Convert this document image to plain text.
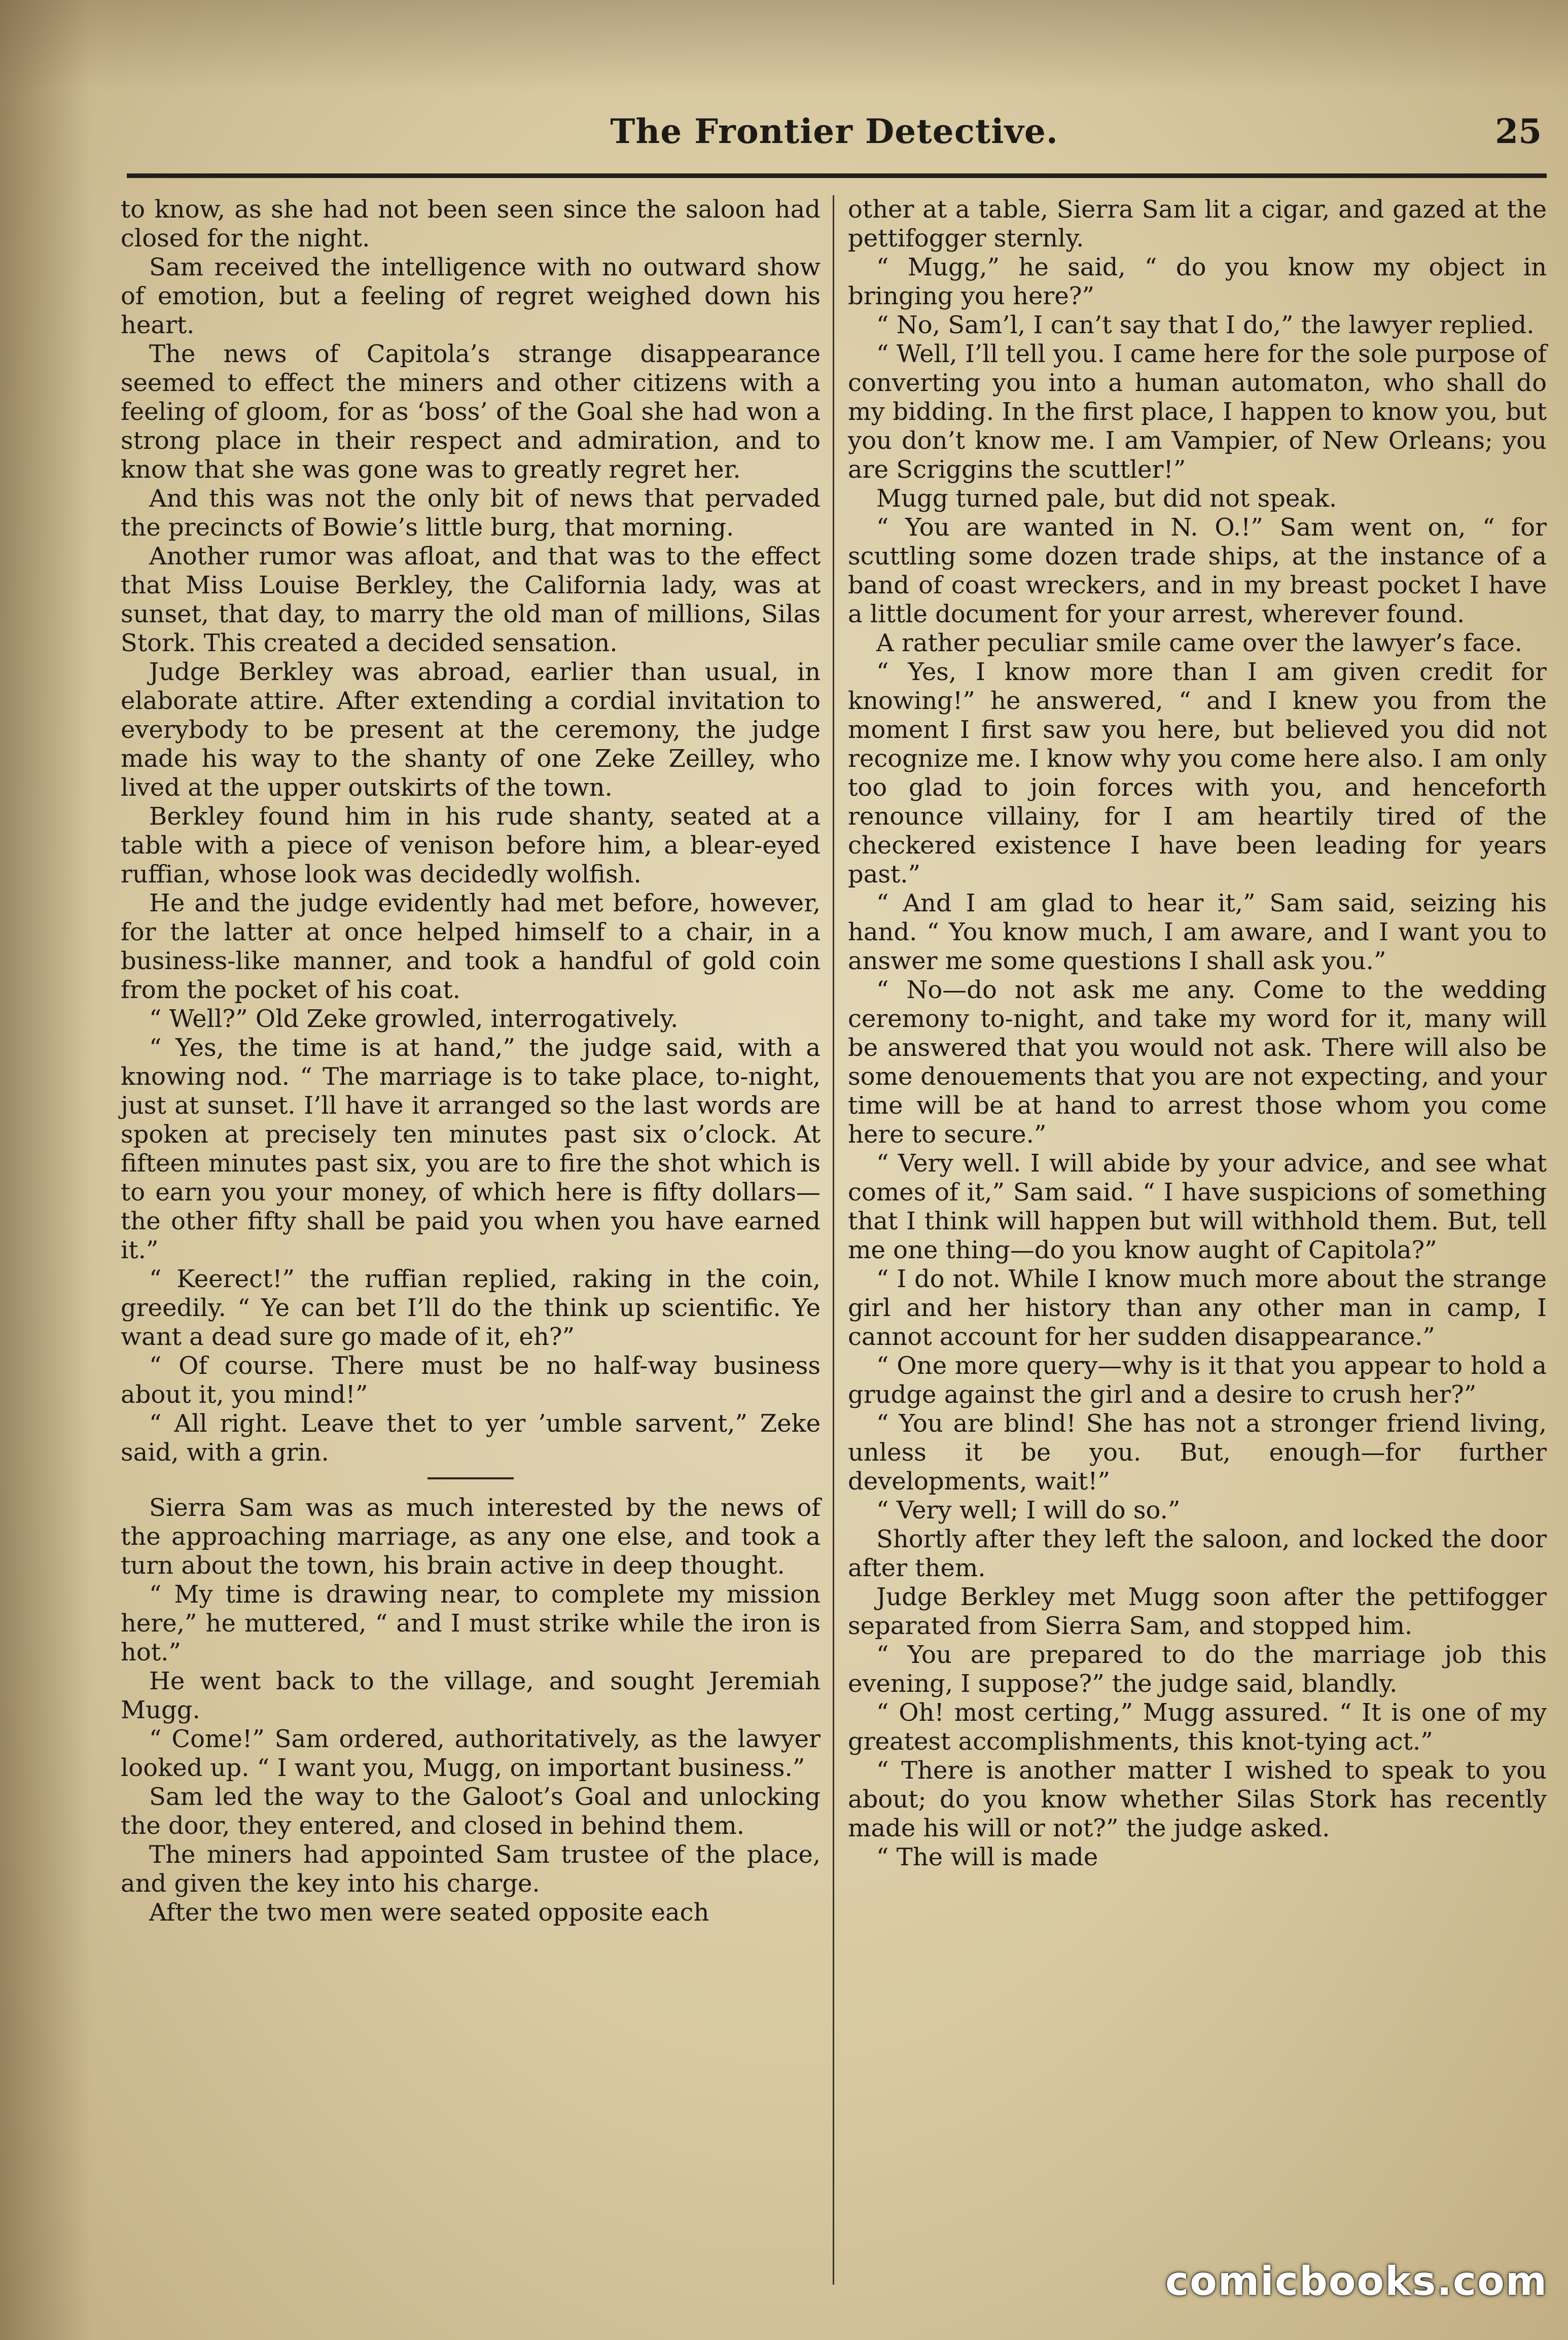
The Frontier Detective.	25

to know, as she had not been seen since the saloon had closed for the night.

Sam received the intelligence with no outward show of emotion, but a feeling of regret weighed down his heart.

The news of Capitola’s strange disappearance seemed to effect the miners and other citizens with a feeling of gloom, for as ‘boss’ of the Goal she had won a strong place in their respect and admiration, and to know that she was gone was to greatly regret her.

And this was not the only bit of news that pervaded the precincts of Bowie’s little burg, that morning.

Another rumor was afloat, and that was to the effect that Miss Louise Berkley, the California lady, was at sunset, that day, to marry the old man of millions, Silas Stork. This created a decided sensation.

Judge Berkley was abroad, earlier than usual, in elaborate attire. After extending a cordial invitation to everybody to be present at the ceremony, the judge made his way to the shanty of one Zeke Zeilley, who lived at the upper outskirts of the town.

Berkley found him in his rude shanty, seated at a table with a piece of venison before him, a blear-eyed ruffian, whose look was decidedly wolfish.

He and the judge evidently had met before, however, for the latter at once helped himself to a chair, in a business-like manner, and took a handful of gold coin from the pocket of his coat.

“ Well?” Old Zeke growled, interrogatively.

“ Yes, the time is at hand,” the judge said, with a knowing nod. “ The marriage is to take place, to-night, just at sunset. I’ll have it arranged so the last words are spoken at precisely ten minutes past six o’clock. At fifteen minutes past six, you are to fire the shot which is to earn you your money, of which here is fifty dollars—the other fifty shall be paid you when you have earned it.”

“ Keerect!” the ruffian replied, raking in the coin, greedily. “ Ye can bet I’ll do the think up scientific. Ye want a dead sure go made of it, eh?”

“ Of course. There must be no half-way business about it, you mind!”

“ All right. Leave thet to yer ’umble sarvent,” Zeke said, with a grin.

Sierra Sam was as much interested by the news of the approaching marriage, as any one else, and took a turn about the town, his brain active in deep thought.

“ My time is drawing near, to complete my mission here,” he muttered, “ and I must strike while the iron is hot.”

He went back to the village, and sought Jeremiah Mugg.

“ Come!” Sam ordered, authoritatively, as the lawyer looked up. “ I want you, Mugg, on important business.”

Sam led the way to the Galoot’s Goal and unlocking the door, they entered, and closed in behind them.

The miners had appointed Sam trustee of the place, and given the key into his charge.

After the two men were seated opposite each

other at a table, Sierra Sam lit a cigar, and gazed at the pettifogger sternly.

“ Mugg,” he said, “ do you know my object in bringing you here?”

“ No, Sam’l, I can’t say that I do,” the lawyer replied.

“ Well, I’ll tell you. I came here for the sole purpose of converting you into a human automaton, who shall do my bidding. In the first place, I happen to know you, but you don’t know me. I am Vampier, of New Orleans; you are Scriggins the scuttler!”

Mugg turned pale, but did not speak.

“ You are wanted in N. O.!” Sam went on, “ for scuttling some dozen trade ships, at the instance of a band of coast wreckers, and in my breast pocket I have a little document for your arrest, wherever found.

A rather peculiar smile came over the lawyer’s face.

“ Yes, I know more than I am given credit for knowing!” he answered, “ and I knew you from the moment I first saw you here, but believed you did not recognize me. I know why you come here also. I am only too glad to join forces with you, and henceforth renounce villainy, for I am heartily tired of the checkered existence I have been leading for years past.”

“ And I am glad to hear it,” Sam said, seizing his hand. “ You know much, I am aware, and I want you to answer me some questions I shall ask you.”

“ No—do not ask me any. Come to the wedding ceremony to-night, and take my word for it, many will be answered that you would not ask. There will also be some denouements that you are not expecting, and your time will be at hand to arrest those whom you come here to secure.”

“ Very well. I will abide by your advice, and see what comes of it,” Sam said. “ I have suspicions of something that I think will happen but will withhold them. But, tell me one thing—do you know aught of Capitola?”

“ I do not. While I know much more about the strange girl and her history than any other man in camp, I cannot account for her sudden disappearance.”

“ One more query—why is it that you appear to hold a grudge against the girl and a desire to crush her?”

“ You are blind! She has not a stronger friend living, unless it be you. But, enough—for further developments, wait!”

“ Very well; I will do so.”

Shortly after they left the saloon, and locked the door after them.

Judge Berkley met Mugg soon after the pettifogger separated from Sierra Sam, and stopped him.

“ You are prepared to do the marriage job this evening, I suppose?” the judge said, blandly.

“ Oh! most certing,” Mugg assured. “ It is one of my greatest accomplishments, this knot-tying act.”

“ There is another matter I wished to speak to you about; do you know whether Silas Stork has recently made his will or not?” the judge asked.

“ The will is made

comicbooks.com
